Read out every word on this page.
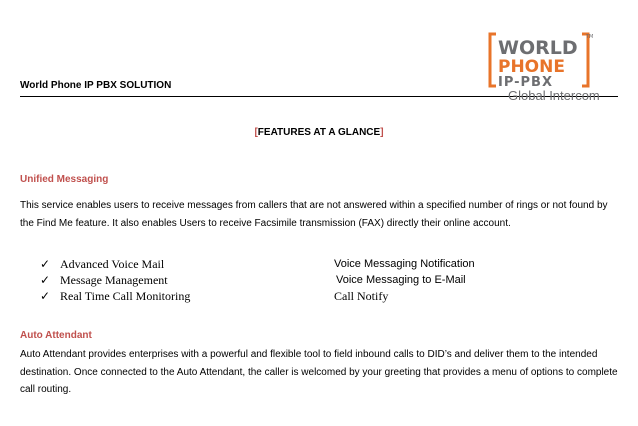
World Phone IP PBX SOLUTION
WORLD TM
PHONE
IP-PBX
Global Intercom
[FEATURES AT A GLANCE]
Unified Messaging
This service enables users to receive messages from callers that are not answered within a specified number of rings or not found by the Find Me feature. It also enables Users to receive Facsimile transmission (FAX) directly their online account.
✓ Advanced Voice Mail
✓ Message Management
✓ Real Time Call Monitoring
Voice Messaging Notification
Voice Messaging to E-Mail
Call Notify
Auto Attendant
Auto Attendant provides enterprises with a powerful and flexible tool to field inbound calls to DID’s and deliver them to the intended destination. Once connected to the Auto Attendant, the caller is welcomed by your greeting that provides a menu of options to complete call routing.
